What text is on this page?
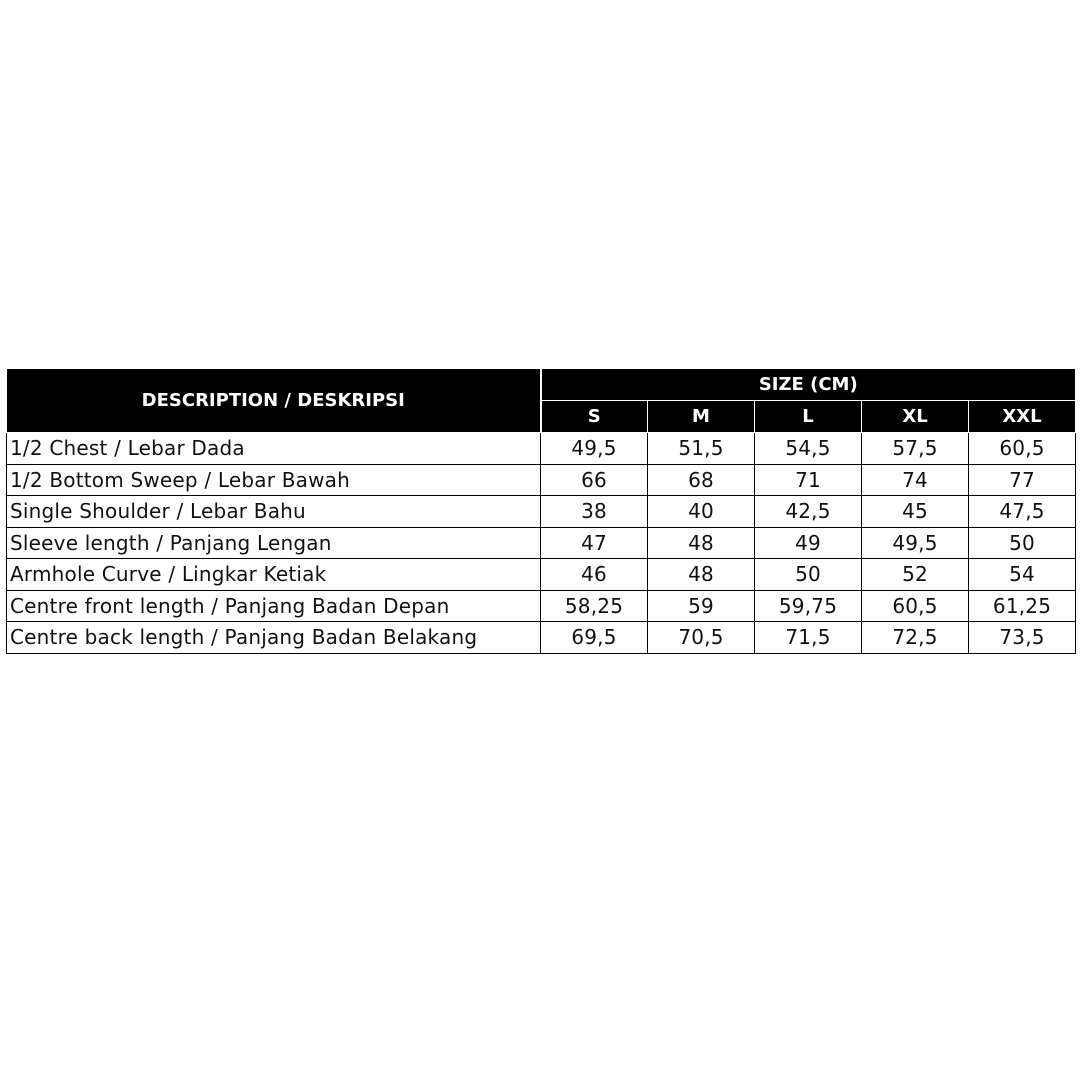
DESCRIPTION / DESKRIPSI	SIZE (CM)				
	S	M	L	XL	XXL
1/2 Chest / Lebar Dada	49,5	51,5	54,5	57,5	60,5
1/2 Bottom Sweep / Lebar Bawah	66	68	71	74	77
Single Shoulder / Lebar Bahu	38	40	42,5	45	47,5
Sleeve length / Panjang Lengan	47	48	49	49,5	50
Armhole Curve / Lingkar Ketiak	46	48	50	52	54
Centre front length / Panjang Badan Depan	58,25	59	59,75	60,5	61,25
Centre back length / Panjang Badan Belakang	69,5	70,5	71,5	72,5	73,5
